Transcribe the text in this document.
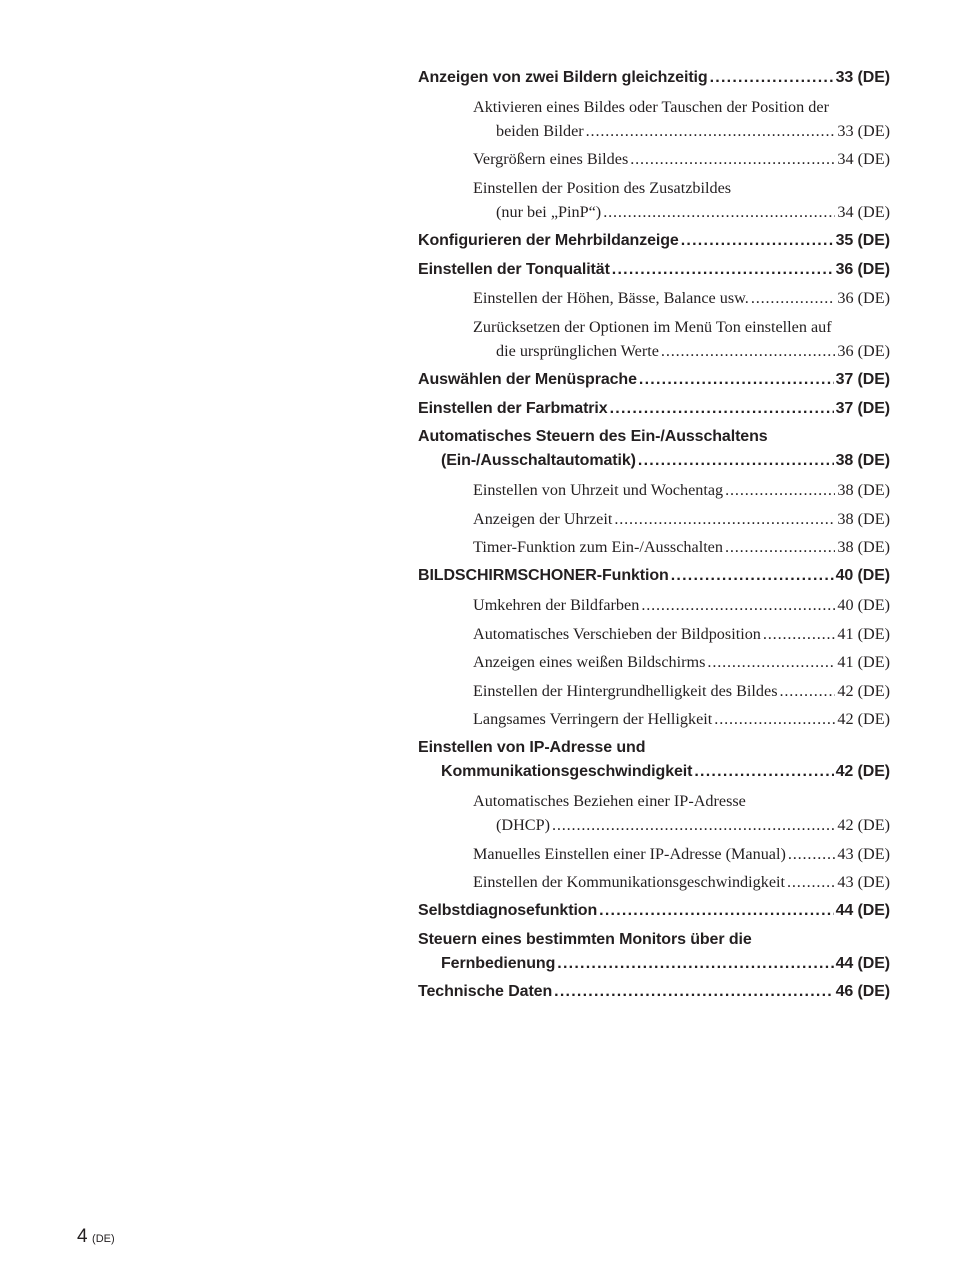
Anzeigen von zwei Bildern gleichzeitig . . .	33 (DE)
Aktivieren eines Bildes oder Tauschen der Position der
beiden Bilder . . .	33 (DE)
Vergrößern eines Bildes . . .	34 (DE)
Einstellen der Position des Zusatzbildes
(nur bei „PinP“) . . .	34 (DE)
Konfigurieren der Mehrbildanzeige . . .	35 (DE)
Einstellen der Tonqualität . . .	36 (DE)
Einstellen der Höhen, Bässe, Balance usw. . . .	36 (DE)
Zurücksetzen der Optionen im Menü Ton einstellen auf
die ursprünglichen Werte . . .	36 (DE)
Auswählen der Menüsprache . . .	37 (DE)
Einstellen der Farbmatrix . . .	37 (DE)
Automatisches Steuern des Ein-/Ausschaltens
(Ein-/Ausschaltautomatik) . . .	38 (DE)
Einstellen von Uhrzeit und Wochentag . . .	38 (DE)
Anzeigen der Uhrzeit . . .	38 (DE)
Timer-Funktion zum Ein-/Ausschalten . . .	38 (DE)
BILDSCHIRMSCHONER-Funktion . . .	40 (DE)
Umkehren der Bildfarben . . .	40 (DE)
Automatisches Verschieben der Bildposition . . .	41 (DE)
Anzeigen eines weißen Bildschirms . . .	41 (DE)
Einstellen der Hintergrundhelligkeit des Bildes . . .	42 (DE)
Langsames Verringern der Helligkeit . . .	42 (DE)
Einstellen von IP-Adresse und
Kommunikationsgeschwindigkeit . . .	42 (DE)
Automatisches Beziehen einer IP-Adresse
(DHCP) . . .	42 (DE)
Manuelles Einstellen einer IP-Adresse (Manual) . . .	43 (DE)
Einstellen der Kommunikationsgeschwindigkeit . . .	43 (DE)
Selbstdiagnosefunktion . . .	44 (DE)
Steuern eines bestimmten Monitors über die
Fernbedienung . . .	44 (DE)
Technische Daten . . .	46 (DE)
4 (DE)
